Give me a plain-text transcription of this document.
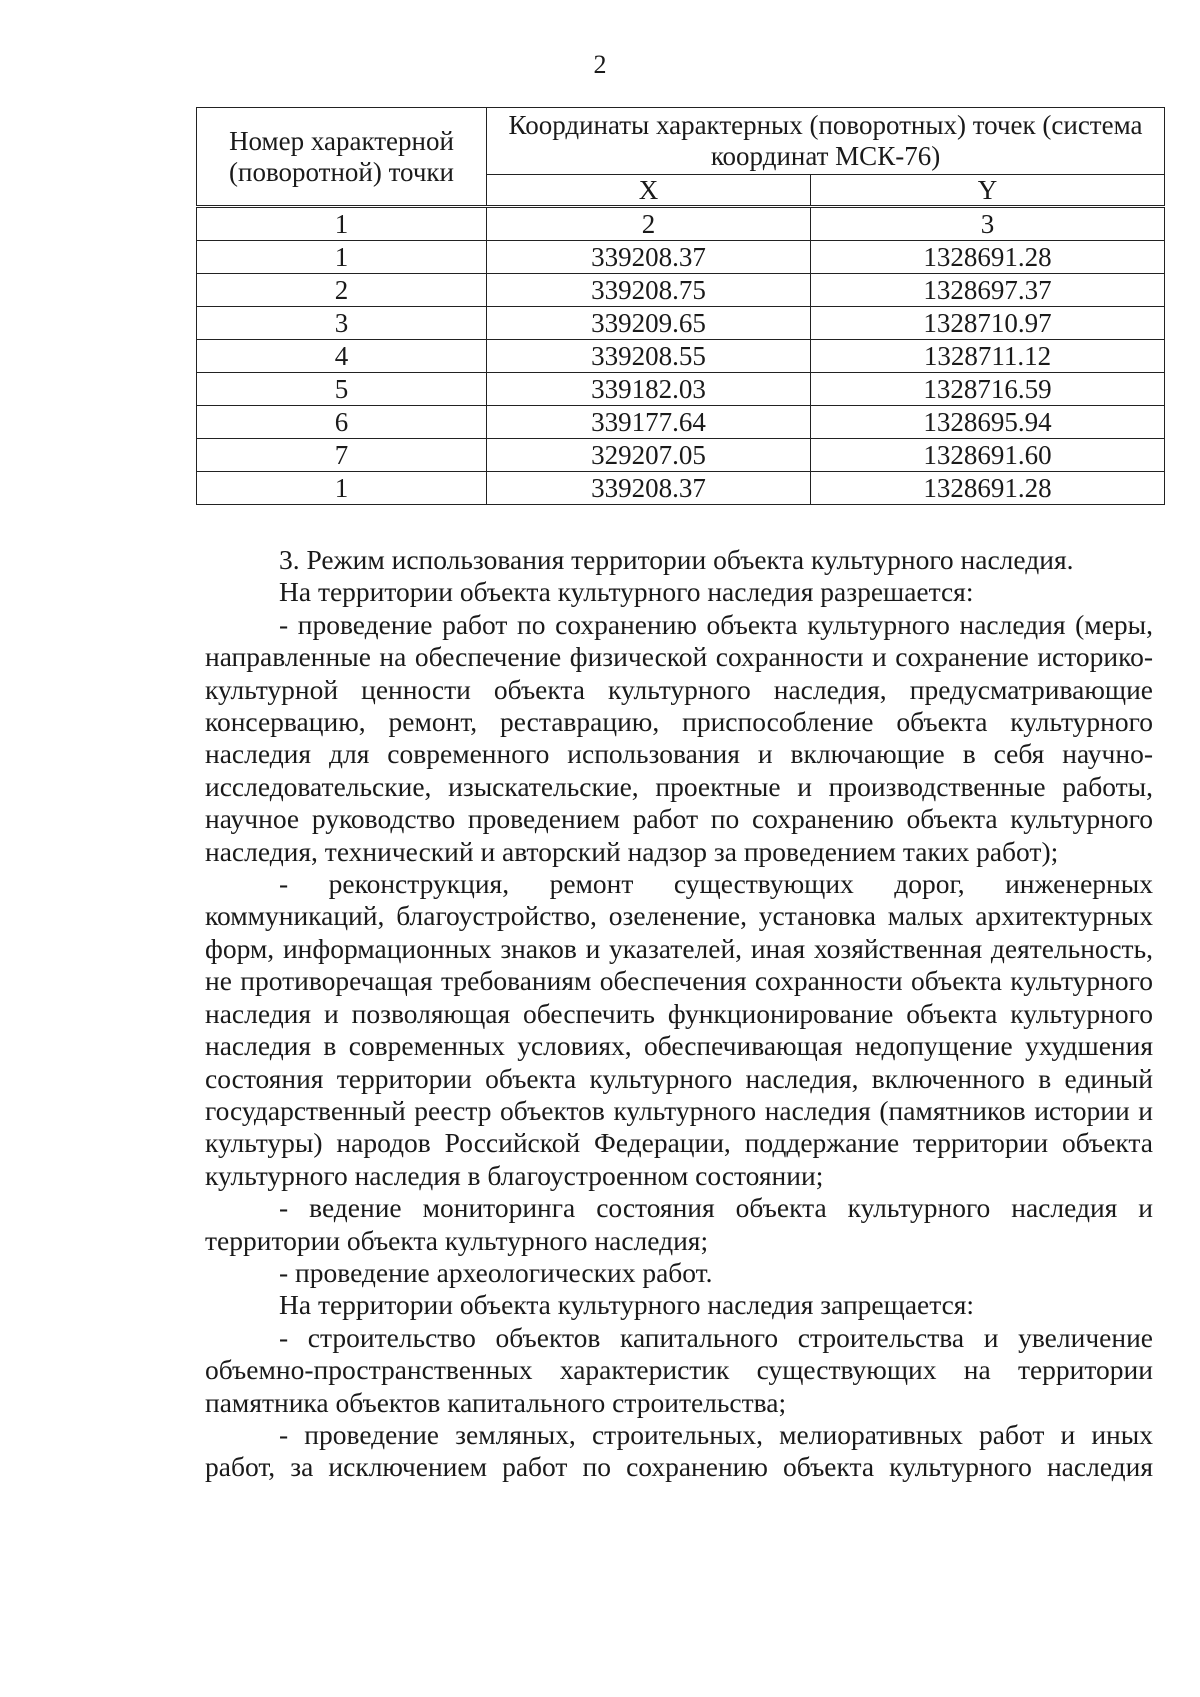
2
Номер характерной (поворотной) точки	Координаты характерных (поворотных) точек (система координат МСК-76)	
	X	Y
1	2	3
1	339208.37	1328691.28
2	339208.75	1328697.37
3	339209.65	1328710.97
4	339208.55	1328711.12
5	339182.03	1328716.59
6	339177.64	1328695.94
7	329207.05	1328691.60
1	339208.37	1328691.28

3. Режим использования территории объекта культурного наследия.

На территории объекта культурного наследия разрешается:

- проведение работ по сохранению объекта культурного наследия (меры, направленные на обеспечение физической сохранности и сохранение историко-культурной ценности объекта культурного наследия, предусматривающие консервацию, ремонт, реставрацию, приспособление объекта культурного наследия для современного использования и включающие в себя научно-исследовательские, изыскательские, проектные и производственные работы, научное руководство проведением работ по сохранению объекта культурного наследия, технический и авторский надзор за проведением таких работ);

- реконструкция, ремонт существующих дорог, инженерных коммуникаций, благоустройство, озеленение, установка малых архитектурных форм, информационных знаков и указателей, иная хозяйственная деятельность, не противоречащая требованиям обеспечения сохранности объекта культурного наследия и позволяющая обеспечить функционирование объекта культурного наследия в современных условиях, обеспечивающая недопущение ухудшения состояния территории объекта культурного наследия, включенного в единый государственный реестр объектов культурного наследия (памятников истории и культуры) народов Российской Федерации, поддержание территории объекта культурного наследия в благоустроенном состоянии;

- ведение мониторинга состояния объекта культурного наследия и территории объекта культурного наследия;

- проведение археологических работ.

На территории объекта культурного наследия запрещается:

- строительство объектов капитального строительства и увеличение объемно-пространственных характеристик существующих на территории памятника объектов капитального строительства;

- проведение земляных, строительных, мелиоративных работ и иных работ, за исключением работ по сохранению объекта культурного наследия
